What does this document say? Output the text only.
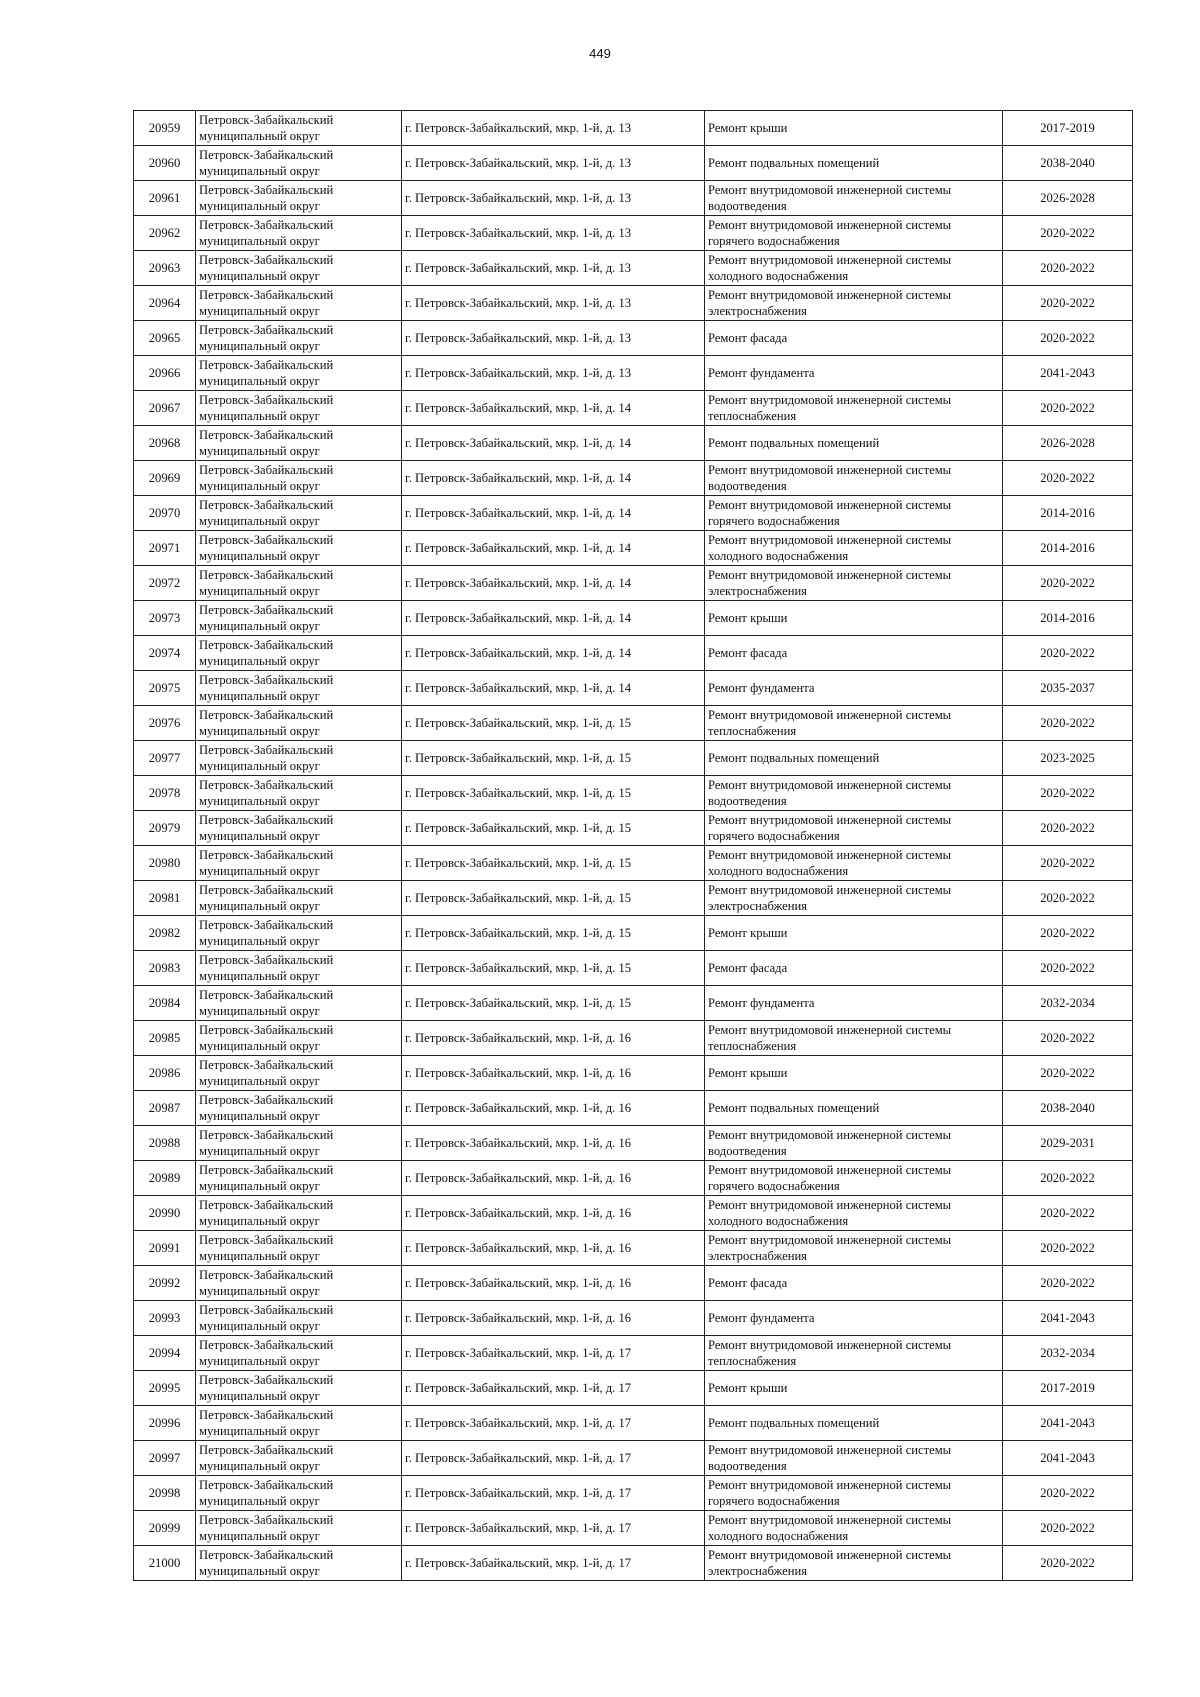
449
20959	Петровск-Забайкальский муниципальный округ	г. Петровск-Забайкальский, мкр. 1-й, д. 13	Ремонт крыши	2017-2019
20960	Петровск-Забайкальский муниципальный округ	г. Петровск-Забайкальский, мкр. 1-й, д. 13	Ремонт подвальных помещений	2038-2040
20961	Петровск-Забайкальский муниципальный округ	г. Петровск-Забайкальский, мкр. 1-й, д. 13	Ремонт внутридомовой инженерной системы водоотведения	2026-2028
20962	Петровск-Забайкальский муниципальный округ	г. Петровск-Забайкальский, мкр. 1-й, д. 13	Ремонт внутридомовой инженерной системы горячего водоснабжения	2020-2022
20963	Петровск-Забайкальский муниципальный округ	г. Петровск-Забайкальский, мкр. 1-й, д. 13	Ремонт внутридомовой инженерной системы холодного водоснабжения	2020-2022
20964	Петровск-Забайкальский муниципальный округ	г. Петровск-Забайкальский, мкр. 1-й, д. 13	Ремонт внутридомовой инженерной системы электроснабжения	2020-2022
20965	Петровск-Забайкальский муниципальный округ	г. Петровск-Забайкальский, мкр. 1-й, д. 13	Ремонт фасада	2020-2022
20966	Петровск-Забайкальский муниципальный округ	г. Петровск-Забайкальский, мкр. 1-й, д. 13	Ремонт фундамента	2041-2043
20967	Петровск-Забайкальский муниципальный округ	г. Петровск-Забайкальский, мкр. 1-й, д. 14	Ремонт внутридомовой инженерной системы теплоснабжения	2020-2022
20968	Петровск-Забайкальский муниципальный округ	г. Петровск-Забайкальский, мкр. 1-й, д. 14	Ремонт подвальных помещений	2026-2028
20969	Петровск-Забайкальский муниципальный округ	г. Петровск-Забайкальский, мкр. 1-й, д. 14	Ремонт внутридомовой инженерной системы водоотведения	2020-2022
20970	Петровск-Забайкальский муниципальный округ	г. Петровск-Забайкальский, мкр. 1-й, д. 14	Ремонт внутридомовой инженерной системы горячего водоснабжения	2014-2016
20971	Петровск-Забайкальский муниципальный округ	г. Петровск-Забайкальский, мкр. 1-й, д. 14	Ремонт внутридомовой инженерной системы холодного водоснабжения	2014-2016
20972	Петровск-Забайкальский муниципальный округ	г. Петровск-Забайкальский, мкр. 1-й, д. 14	Ремонт внутридомовой инженерной системы электроснабжения	2020-2022
20973	Петровск-Забайкальский муниципальный округ	г. Петровск-Забайкальский, мкр. 1-й, д. 14	Ремонт крыши	2014-2016
20974	Петровск-Забайкальский муниципальный округ	г. Петровск-Забайкальский, мкр. 1-й, д. 14	Ремонт фасада	2020-2022
20975	Петровск-Забайкальский муниципальный округ	г. Петровск-Забайкальский, мкр. 1-й, д. 14	Ремонт фундамента	2035-2037
20976	Петровск-Забайкальский муниципальный округ	г. Петровск-Забайкальский, мкр. 1-й, д. 15	Ремонт внутридомовой инженерной системы теплоснабжения	2020-2022
20977	Петровск-Забайкальский муниципальный округ	г. Петровск-Забайкальский, мкр. 1-й, д. 15	Ремонт подвальных помещений	2023-2025
20978	Петровск-Забайкальский муниципальный округ	г. Петровск-Забайкальский, мкр. 1-й, д. 15	Ремонт внутридомовой инженерной системы водоотведения	2020-2022
20979	Петровск-Забайкальский муниципальный округ	г. Петровск-Забайкальский, мкр. 1-й, д. 15	Ремонт внутридомовой инженерной системы горячего водоснабжения	2020-2022
20980	Петровск-Забайкальский муниципальный округ	г. Петровск-Забайкальский, мкр. 1-й, д. 15	Ремонт внутридомовой инженерной системы холодного водоснабжения	2020-2022
20981	Петровск-Забайкальский муниципальный округ	г. Петровск-Забайкальский, мкр. 1-й, д. 15	Ремонт внутридомовой инженерной системы электроснабжения	2020-2022
20982	Петровск-Забайкальский муниципальный округ	г. Петровск-Забайкальский, мкр. 1-й, д. 15	Ремонт крыши	2020-2022
20983	Петровск-Забайкальский муниципальный округ	г. Петровск-Забайкальский, мкр. 1-й, д. 15	Ремонт фасада	2020-2022
20984	Петровск-Забайкальский муниципальный округ	г. Петровск-Забайкальский, мкр. 1-й, д. 15	Ремонт фундамента	2032-2034
20985	Петровск-Забайкальский муниципальный округ	г. Петровск-Забайкальский, мкр. 1-й, д. 16	Ремонт внутридомовой инженерной системы теплоснабжения	2020-2022
20986	Петровск-Забайкальский муниципальный округ	г. Петровск-Забайкальский, мкр. 1-й, д. 16	Ремонт крыши	2020-2022
20987	Петровск-Забайкальский муниципальный округ	г. Петровск-Забайкальский, мкр. 1-й, д. 16	Ремонт подвальных помещений	2038-2040
20988	Петровск-Забайкальский муниципальный округ	г. Петровск-Забайкальский, мкр. 1-й, д. 16	Ремонт внутридомовой инженерной системы водоотведения	2029-2031
20989	Петровск-Забайкальский муниципальный округ	г. Петровск-Забайкальский, мкр. 1-й, д. 16	Ремонт внутридомовой инженерной системы горячего водоснабжения	2020-2022
20990	Петровск-Забайкальский муниципальный округ	г. Петровск-Забайкальский, мкр. 1-й, д. 16	Ремонт внутридомовой инженерной системы холодного водоснабжения	2020-2022
20991	Петровск-Забайкальский муниципальный округ	г. Петровск-Забайкальский, мкр. 1-й, д. 16	Ремонт внутридомовой инженерной системы электроснабжения	2020-2022
20992	Петровск-Забайкальский муниципальный округ	г. Петровск-Забайкальский, мкр. 1-й, д. 16	Ремонт фасада	2020-2022
20993	Петровск-Забайкальский муниципальный округ	г. Петровск-Забайкальский, мкр. 1-й, д. 16	Ремонт фундамента	2041-2043
20994	Петровск-Забайкальский муниципальный округ	г. Петровск-Забайкальский, мкр. 1-й, д. 17	Ремонт внутридомовой инженерной системы теплоснабжения	2032-2034
20995	Петровск-Забайкальский муниципальный округ	г. Петровск-Забайкальский, мкр. 1-й, д. 17	Ремонт крыши	2017-2019
20996	Петровск-Забайкальский муниципальный округ	г. Петровск-Забайкальский, мкр. 1-й, д. 17	Ремонт подвальных помещений	2041-2043
20997	Петровск-Забайкальский муниципальный округ	г. Петровск-Забайкальский, мкр. 1-й, д. 17	Ремонт внутридомовой инженерной системы водоотведения	2041-2043
20998	Петровск-Забайкальский муниципальный округ	г. Петровск-Забайкальский, мкр. 1-й, д. 17	Ремонт внутридомовой инженерной системы горячего водоснабжения	2020-2022
20999	Петровск-Забайкальский муниципальный округ	г. Петровск-Забайкальский, мкр. 1-й, д. 17	Ремонт внутридомовой инженерной системы холодного водоснабжения	2020-2022
21000	Петровск-Забайкальский муниципальный округ	г. Петровск-Забайкальский, мкр. 1-й, д. 17	Ремонт внутридомовой инженерной системы электроснабжения	2020-2022
